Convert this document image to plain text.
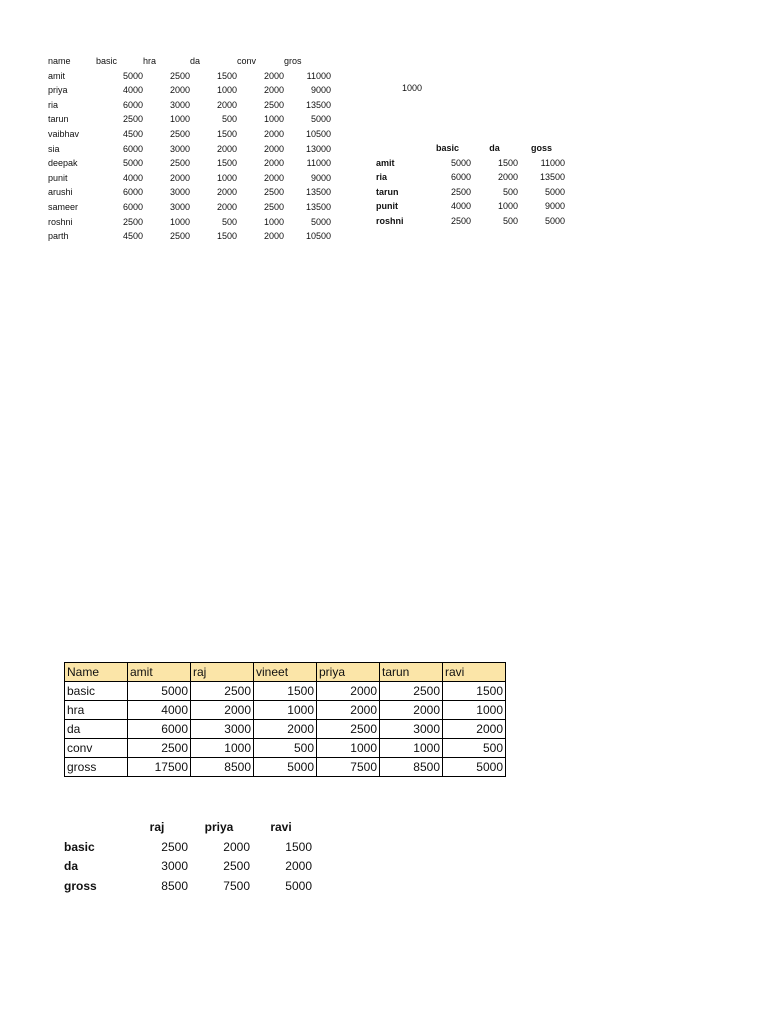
name	basic	hra	da	conv	gros
amit	5000	2500	1500	2000	11000
priya	4000	2000	1000	2000	9000
ria	6000	3000	2000	2500	13500
tarun	2500	1000	500	1000	5000
vaibhav	4500	2500	1500	2000	10500
sia	6000	3000	2000	2000	13000
deepak	5000	2500	1500	2000	11000
punit	4000	2000	1000	2000	9000
arushi	6000	3000	2000	2500	13500
sameer	6000	3000	2000	2500	13500
roshni	2500	1000	500	1000	5000
parth	4500	2500	1500	2000	10500
1000
	basic	da	goss
amit	5000	1500	11000
ria	6000	2000	13500
tarun	2500	500	5000
punit	4000	1000	9000
roshni	2500	500	5000
Name	amit	raj	vineet	priya	tarun	ravi
basic	5000	2500	1500	2000	2500	1500
hra	4000	2000	1000	2000	2000	1000
da	6000	3000	2000	2500	3000	2000
conv	2500	1000	500	1000	1000	500
gross	17500	8500	5000	7500	8500	5000
	raj	priya	ravi
basic	2500	2000	1500
da	3000	2500	2000
gross	8500	7500	5000
